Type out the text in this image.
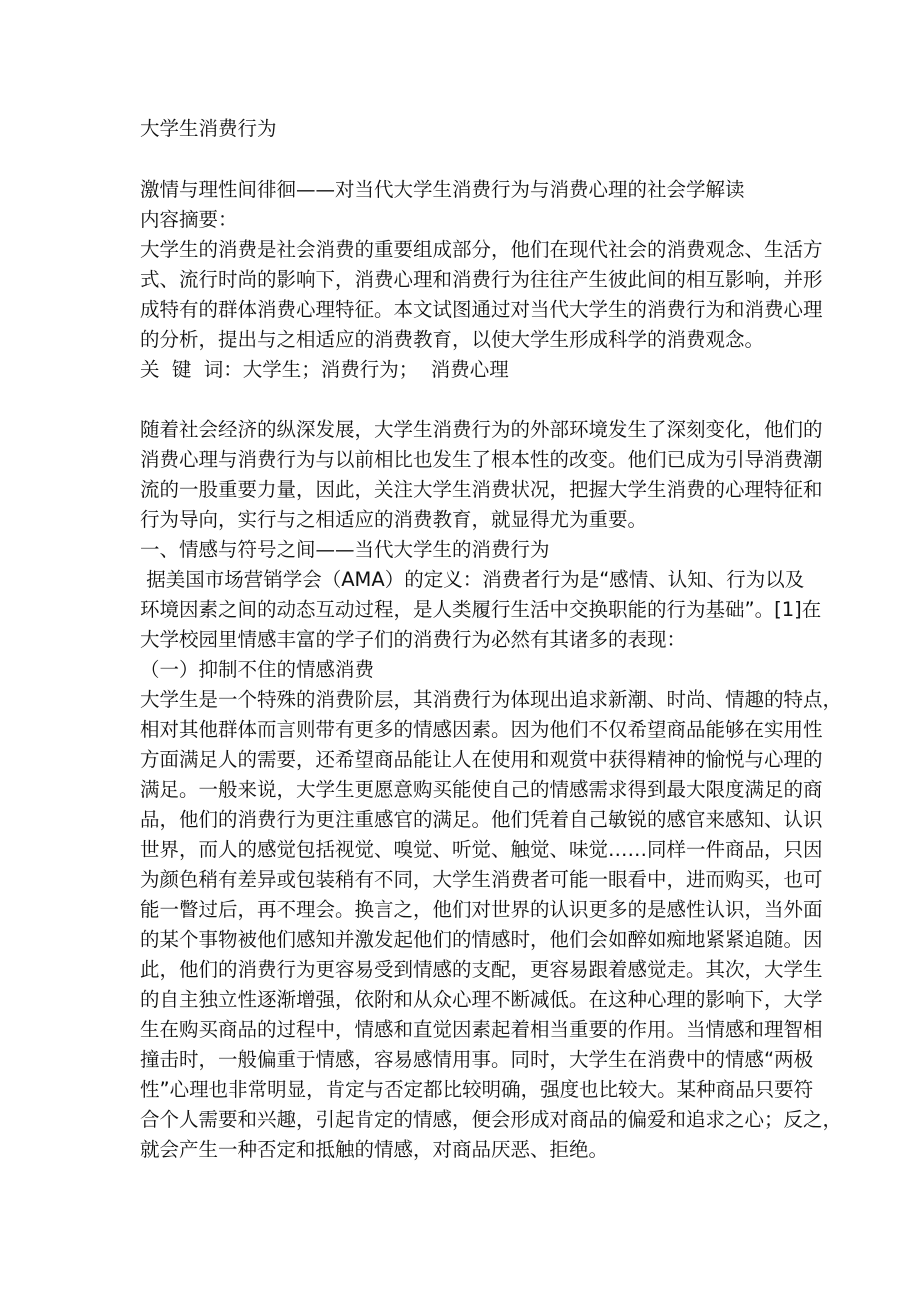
大学生消费行为
激情与理性间徘徊——对当代大学生消费行为与消费心理的社会学解读
内容摘要：
大学生的消费是社会消费的重要组成部分，他们在现代社会的消费观念、生活方
式、流行时尚的影响下，消费心理和消费行为往往产生彼此间的相互影响，并形
成特有的群体消费心理特征。本文试图通过对当代大学生的消费行为和消费心理
的分析，提出与之相适应的消费教育，以使大学生形成科学的消费观念。
关  键  词：大学生；消费行为；  消费心理
随着社会经济的纵深发展，大学生消费行为的外部环境发生了深刻变化，他们的
消费心理与消费行为与以前相比也发生了根本性的改变。他们已成为引导消费潮
流的一股重要力量，因此，关注大学生消费状况，把握大学生消费的心理特征和
行为导向，实行与之相适应的消费教育，就显得尤为重要。
一、情感与符号之间——当代大学生的消费行为
据美国市场营销学会（AMA）的定义：消费者行为是“感情、认知、行为以及
环境因素之间的动态互动过程，是人类履行生活中交换职能的行为基础”。[1]在
大学校园里情感丰富的学子们的消费行为必然有其诸多的表现：
（一）抑制不住的情感消费
大学生是一个特殊的消费阶层，其消费行为体现出追求新潮、时尚、情趣的特点，
相对其他群体而言则带有更多的情感因素。因为他们不仅希望商品能够在实用性
方面满足人的需要，还希望商品能让人在使用和观赏中获得精神的愉悦与心理的
满足。一般来说，大学生更愿意购买能使自己的情感需求得到最大限度满足的商
品，他们的消费行为更注重感官的满足。他们凭着自己敏锐的感官来感知、认识
世界，而人的感觉包括视觉、嗅觉、听觉、触觉、味觉……同样一件商品，只因
为颜色稍有差异或包装稍有不同，大学生消费者可能一眼看中，进而购买，也可
能一瞥过后，再不理会。换言之，他们对世界的认识更多的是感性认识，当外面
的某个事物被他们感知并激发起他们的情感时，他们会如醉如痴地紧紧追随。因
此，他们的消费行为更容易受到情感的支配，更容易跟着感觉走。其次，大学生
的自主独立性逐渐增强，依附和从众心理不断减低。在这种心理的影响下，大学
生在购买商品的过程中，情感和直觉因素起着相当重要的作用。当情感和理智相
撞击时，一般偏重于情感，容易感情用事。同时，大学生在消费中的情感“两极
性”心理也非常明显，肯定与否定都比较明确，强度也比较大。某种商品只要符
合个人需要和兴趣，引起肯定的情感，便会形成对商品的偏爱和追求之心；反之，
就会产生一种否定和抵触的情感，对商品厌恶、拒绝。
